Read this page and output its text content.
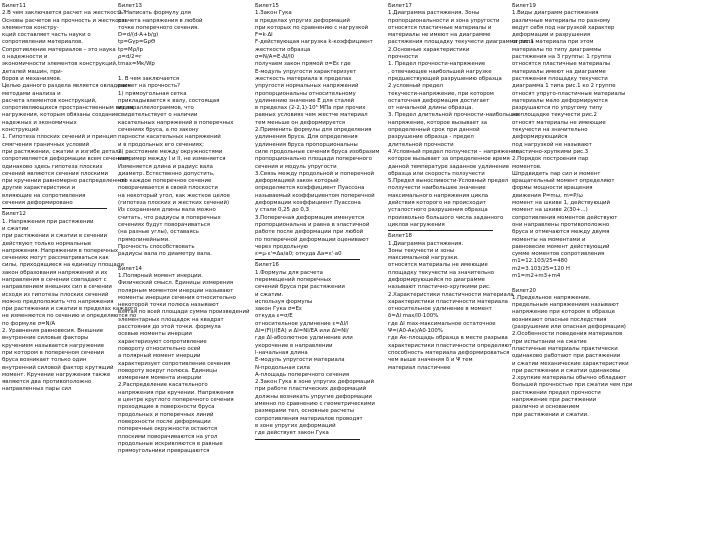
Билет11
2.В чем заключается расчет на жесткость?
Основы расчетов на прочность и жесткость
элементов констру-
кций составляет часть науки о
сопротивлении материалов.
Сопротивление материалов – это наука
о надежности и
экономичности элементов конструкций,
деталей машин, при-
боров и механизмов.
Целью данного раздела является овладение
методами анализа и
расчета элементов конструкций,
сопротивляющихся пространственным видам
нагружения, которым обязаны создание
надежных и экономичных
конструкций
1. Гипотеза плоских сечений и принцип
смягчения граничных условий
при растяжении, сжатии и изгибе деталь
сопротивляется деформации всем сечением
одинаково здесь гипотеза плоских
сечений являются сечения плоскими
при кручении равномерно распределенной
другие характеристики и
влияющие на сопротивления
сечения деформировано
Билет12
1. Напряжения при растяжении
и сжатии
при растяжении и сжатии в сечении
действуют только нормальные
напряжения. Напряжения в поперечных
сечениях могут рассматриваться как
силы, приходящиеся на единицу площади
закон образования напряжений и их
направления в сечении совпадают с
направлением внешних сил в сечении
исходя из гипотезы плоских сечений
можно предположить что напряжения
при растяжении и сжатии в пределах каждого
не изменяются по сечению и определяются по
по формуле σ=N/A
2. Уравнения равновесия. Внешние
внутренние силовые факторы
кручением называется нагружение
при котором в поперечном сечении
бруса возникает только один
внутренний силовой фактор крутящий
момент. Кручение нагружения также
являются два противоположно
направленных пары сил
Билет13
2. Написать формулу для
расчета напряжения в любой
точке поперечного сечения.
D=d/(d-A+b/g)
tp=Gγp=GρΘ
tp=Mρ/Ip
ρ=d/2=r
tmax=Mк/Wp
1. В чем заключается
расчет на прочность?
1) прямоугольная сетка
прикладывается к валу, состоящая
из параллелограммов, что
свидетельствует о наличии
касательных напряжений в поперечных
сечениях бруса, а по закону
парности касательных напряжений
и в продольных его сечениях;
2) расстояние между окружностями
например между I и II, не изменяется
Изменяется длина и радиус вала
диаметр. Естественно допустить,
что каждое поперечное сечение
поворачивается в своей плоскости
на некоторый угол, как жесткое целое
(гипотеза плоских и жестких сечений)
Из сохранения длины вала можно
считать, что радиусы в поперечных
сечениях будут поворачиваться
(на разные углы), оставаясь
прямолинейными.
Прочность способствовать
радиусы вала по диаметру вала.
Билет14
1.Полярный момент инерции.
Физический смысл. Единицы измерения
полярным моментом инерции называют
моменты инерции сечения относительно
некоторой точки полюса называют
взятая по всей площади сумма произведений
элементарных площадок на квадрат
расстояния до этой точки. формула
осевые моменты инерции
характеризуют сопротивление
повороту относительно осей
а полярный момент инерции
характеризует сопротивление сечения
повороту вокруг полюса. Единицы
измерения момента инерции
2.Распределение касательного
напряжения при кручении. Напряжения
в центре круглого поперечного сечения
проходящие в поверхности бруса
продольных и поперечных линий
поверхности после деформации
поперечные окружности остаются
плоскими поворачиваются на угол
продольные искривляются в равные
прямоугольники превращаются
Билет15
1.Закон Гука
в пределах упругих деформаций
при которых по сравнению с нагрузкой
F=k·Δl
F-действующая нагрузка k-коэффициент
жесткости образца
σ=N/A=E·Δl/l0
получаем закон прямой σ=Eε где
E-модуль упругости характеризует
жесткость материала в пределах
упругости нормальных напряжений
пропорциональны относительному
удлинению значение E для сталей
в пределах (2-2,1)·10⁵ МПа при прочих
равных условиях чем жестче материал
тем меньше он деформируется
2.Применить формулы для определения
удлинения бруса. Для определения
удлинения бруса пропорциональны
силе продольные сечения бруса изобразим
пропорционально площади поперечного
сечения и модуль упругости
3.Связь между продольной и поперечной
деформацией закон который
определяется коэффициент Пуассона
называемый коэффициентом поперечной
деформации коэффициент Пуассона
у стали 0,25 до 0,3
3.Поперечная деформация именуется
пропорциональна и равна в эластичной
работе после деформации при любой
по поперечной деформации оценивают
через продольную
ε=μ·ε'=Δa/a0; откуда Δa=ε'·a0
Билет16
1.Формулы для расчета
перемещений поперечных
сечений бруса при растяжении
и сжатии.
используя формулы
закон Гука σ=Eε
откуда ε=σ/E
относительное удлинение ε=Δl/l
Δl=(Fl)/(EA) и Δl=Nl/EA или Δl=Nl/
где Δl-абсолютное удлинение или
укорочение в направлении
l-начальная длина
E-модуль упругости материала
N-продольная сила
A-площадь поперечного сечения
2.Закон Гука в зоне упругих деформаций
при работе пластических деформаций
должны возникать упругие деформации
именно по сравнению с геометрическими
размерами тел, основные расчеты
сопротивления материалов проводят
в зоне упругих деформаций
где действует закон Гука
Билет17
1.Диаграмма растяжения. Зоны
пропорциональности и зона упругости
относятся пластичные материалы и
материалы не имеют на диаграмме
растяжения площадку текучести диаграмма рис.1
2.Основные характеристики
прочности
1. Предел прочности-напряжение
, отвечающее наибольшей нагрузке
предшествующей разрушению образца
2.условный предел
текучести-напряжение, при котором
остаточная деформация достигает
от начальной длины образца.
3. Предел длительной прочности-наибольшее
напряжение, которое вызывает за
определенный срок при данной
разрушение образца - предел
длительной прочности
4.Условный предел ползучести – напряжение,
которое вызывает за определенное время
данной температуре заданное удлинение
образца или скорость ползучести
5.Предел выносливости-Условный предел
ползучести наибольшее значение
максимального напряжения цикла
действия которого не происходит
усталостного разрушения образца
произвольно большого числа заданного
циклов нагружения
Билет18
1.Диаграмма растяжения.
Зоны текучести и зоны
максимальной нагрузки.
относятся материалы не имеющие
площадку текучести на значительно
деформирующейся по диаграмме
называют пластично-хрупкими рис.
2.Характеристики пластичности материала
характеристики пластичности материала
относительное удлинение в момент
δ=Δl max/l0·100%
где Δl max-максимальное остаточное
Ψ=(A0-Aк)/A0·100%
где Aк-площадь образца в месте разрыва
характеристики пластичности определяют
способность материала деформироваться
чем выше значения δ и Ψ тем
материал пластичнее
Билет19
1.Виды диаграмм растяжения
различные материалы по разному
ведут себя под нагрузкой характер
деформации и разрушения
от типа материала при этом
материалы по типу диаграммы
растяжения на 3 группы: 1 группа
относятся пластичные материалы
материалы имеют на диаграмме
растяжения площадку текучести
диаграмма 1 типа рис.1 ко 2 группе
относят упруго-пластичные материалы
материалы мало деформируются
разрушаются по упругому типу
на площадке текучести рис.2
относят материалы не имеющие
текучести на значительно
деформирующийся
под нагрузкой не называют
пластично-хрупкими рис.3
2.Порядок построения пар
моментов.
Шпрдвидеть пар сил и момент
вращательный момент определяют
формы мощности вращения
движения P=mω, m=P/ω
момент на шкиве 1, действующий
момент на шкиве 2(30+...)
сопротивления моментов действуют
они направлены противоположно
бруса и отмечаются между двумя
моменты на моментами и
равновесие момент действующий
сумме моментов сопротивления
m1=12.103/25=480
m2=3.103/25=120 Н
m1=m2+m3+m4
Билет20
1.Предельное напряжение.
предельным напряжением называют
напряжение при котором в образце
возникают опасные последствия
(разрушение или опасная деформация)
2.Особенности поведения материалов
при испытании на сжатие
пластичные материалы практически
одинаково работают при растяжении
и сжатии механические характеристики
при растяжении и сжатии одинаковы
2.хрупкие материалы обычно обладают
большей прочностью при сжатии чем при
растяжении предел прочности
напряжение при растяжении
различно и основанием
при растяжении и сжатии.
